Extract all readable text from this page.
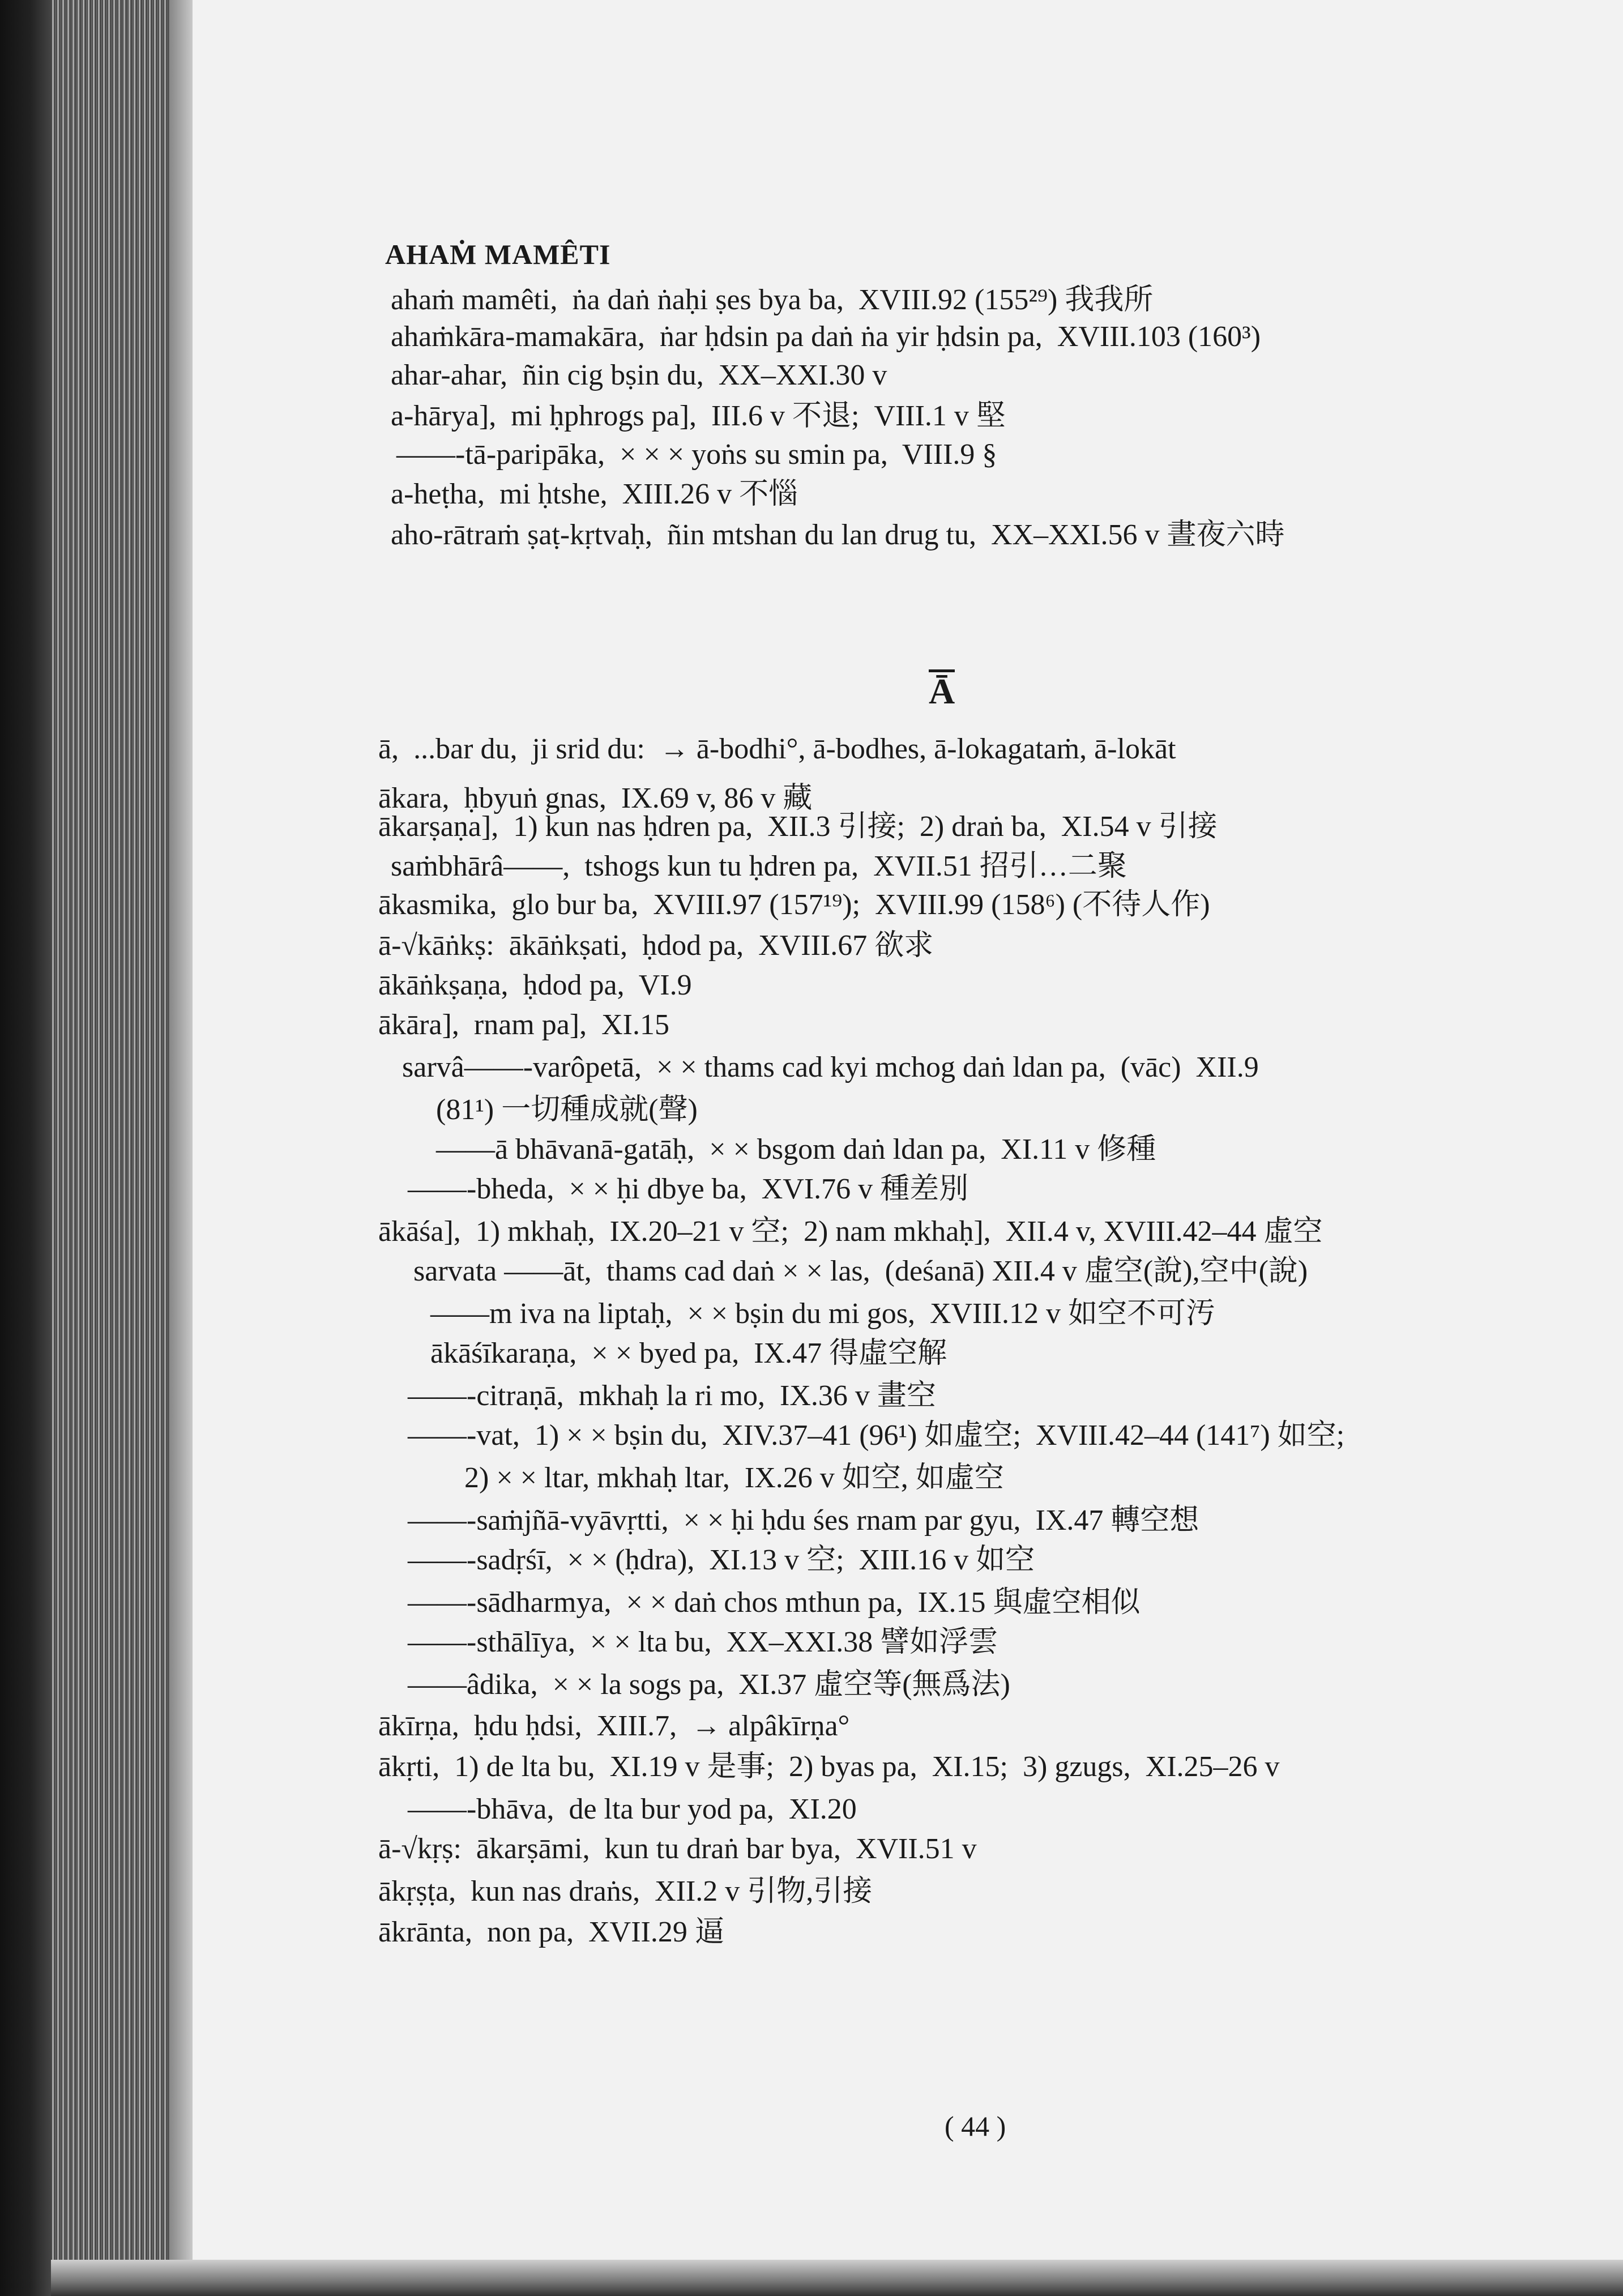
AHAṀ MAMÊTI
ahaṁ mamêti,  ṅa daṅ ṅaḥi ṣes bya ba,  XVIII.92 (155²⁹) 我我所
ahaṁkāra-mamakāra,  ṅar ḥdsin pa daṅ ṅa yir ḥdsin pa,  XVIII.103 (160³)
ahar-ahar,  ñin cig bṣin du,  XX–XXI.30 v
a-hārya],  mi ḥphrogs pa],  III.6 v 不退;  VIII.1 v 堅
——-tā-paripāka,  × × × yoṅs su smin pa,  VIII.9 §
a-heṭha,  mi ḥtshe,  XIII.26 v 不惱
aho-rātraṁ ṣaṭ-kṛtvaḥ,  ñin mtshan du lan drug tu,  XX–XXI.56 v 晝夜六時
Ā
ā,  ...bar du,  ji srid du:  → ā-bodhi°, ā-bodhes, ā-lokagataṁ, ā-lokāt
ākara,  ḥbyuṅ gnas,  IX.69 v, 86 v 藏
ākarṣaṇa],  1) kun nas ḥdren pa,  XII.3 引接;  2) draṅ ba,  XI.54 v 引接
saṁbhārâ——,  tshogs kun tu ḥdren pa,  XVII.51 招引…二聚
ākasmika,  glo bur ba,  XVIII.97 (157¹⁹);  XVIII.99 (158⁶) (不待人作)
ā-√kāṅkṣ:  ākāṅkṣati,  ḥdod pa,  XVIII.67 欲求
ākāṅkṣaṇa,  ḥdod pa,  VI.9
ākāra],  rnam pa],  XI.15
sarvâ——-varôpetā,  × × thams cad kyi mchog daṅ ldan pa,  (vāc)  XII.9
(81¹) 一切種成就(聲)
——ā bhāvanā-gatāḥ,  × × bsgom daṅ ldan pa,  XI.11 v 修種
——-bheda,  × × ḥi dbye ba,  XVI.76 v 種差別
ākāśa],  1) mkhaḥ,  IX.20–21 v 空;  2) nam mkhaḥ],  XII.4 v, XVIII.42–44 虛空
sarvata ——āt,  thams cad daṅ × × las,  (deśanā) XII.4 v 虛空(說),空中(說)
——m iva na liptaḥ,  × × bṣin du mi gos,  XVIII.12 v 如空不可汚
ākāśīkaraṇa,  × × byed pa,  IX.47 得虛空解
——-citraṇā,  mkhaḥ la ri mo,  IX.36 v 畫空
——-vat,  1) × × bṣin du,  XIV.37–41 (96¹) 如虛空;  XVIII.42–44 (141⁷) 如空;
2) × × ltar, mkhaḥ ltar,  IX.26 v 如空, 如虛空
——-saṁjñā-vyāvṛtti,  × × ḥi ḥdu śes rnam par gyu,  IX.47 轉空想
——-sadṛśī,  × × (ḥdra),  XI.13 v 空;  XIII.16 v 如空
——-sādharmya,  × × daṅ chos mthun pa,  IX.15 與虛空相似
——-sthālīya,  × × lta bu,  XX–XXI.38 譬如浮雲
——âdika,  × × la sogs pa,  XI.37 虛空等(無爲法)
ākīrṇa,  ḥdu ḥdsi,  XIII.7,  → alpâkīrṇa°
ākṛti,  1) de lta bu,  XI.19 v 是事;  2) byas pa,  XI.15;  3) gzugs,  XI.25–26 v
——-bhāva,  de lta bur yod pa,  XI.20
ā-√kṛṣ:  ākarṣāmi,  kun tu draṅ bar bya,  XVII.51 v
ākṛṣṭa,  kun nas draṅs,  XII.2 v 引物,引接
ākrānta,  non pa,  XVII.29 逼
( 44 )
